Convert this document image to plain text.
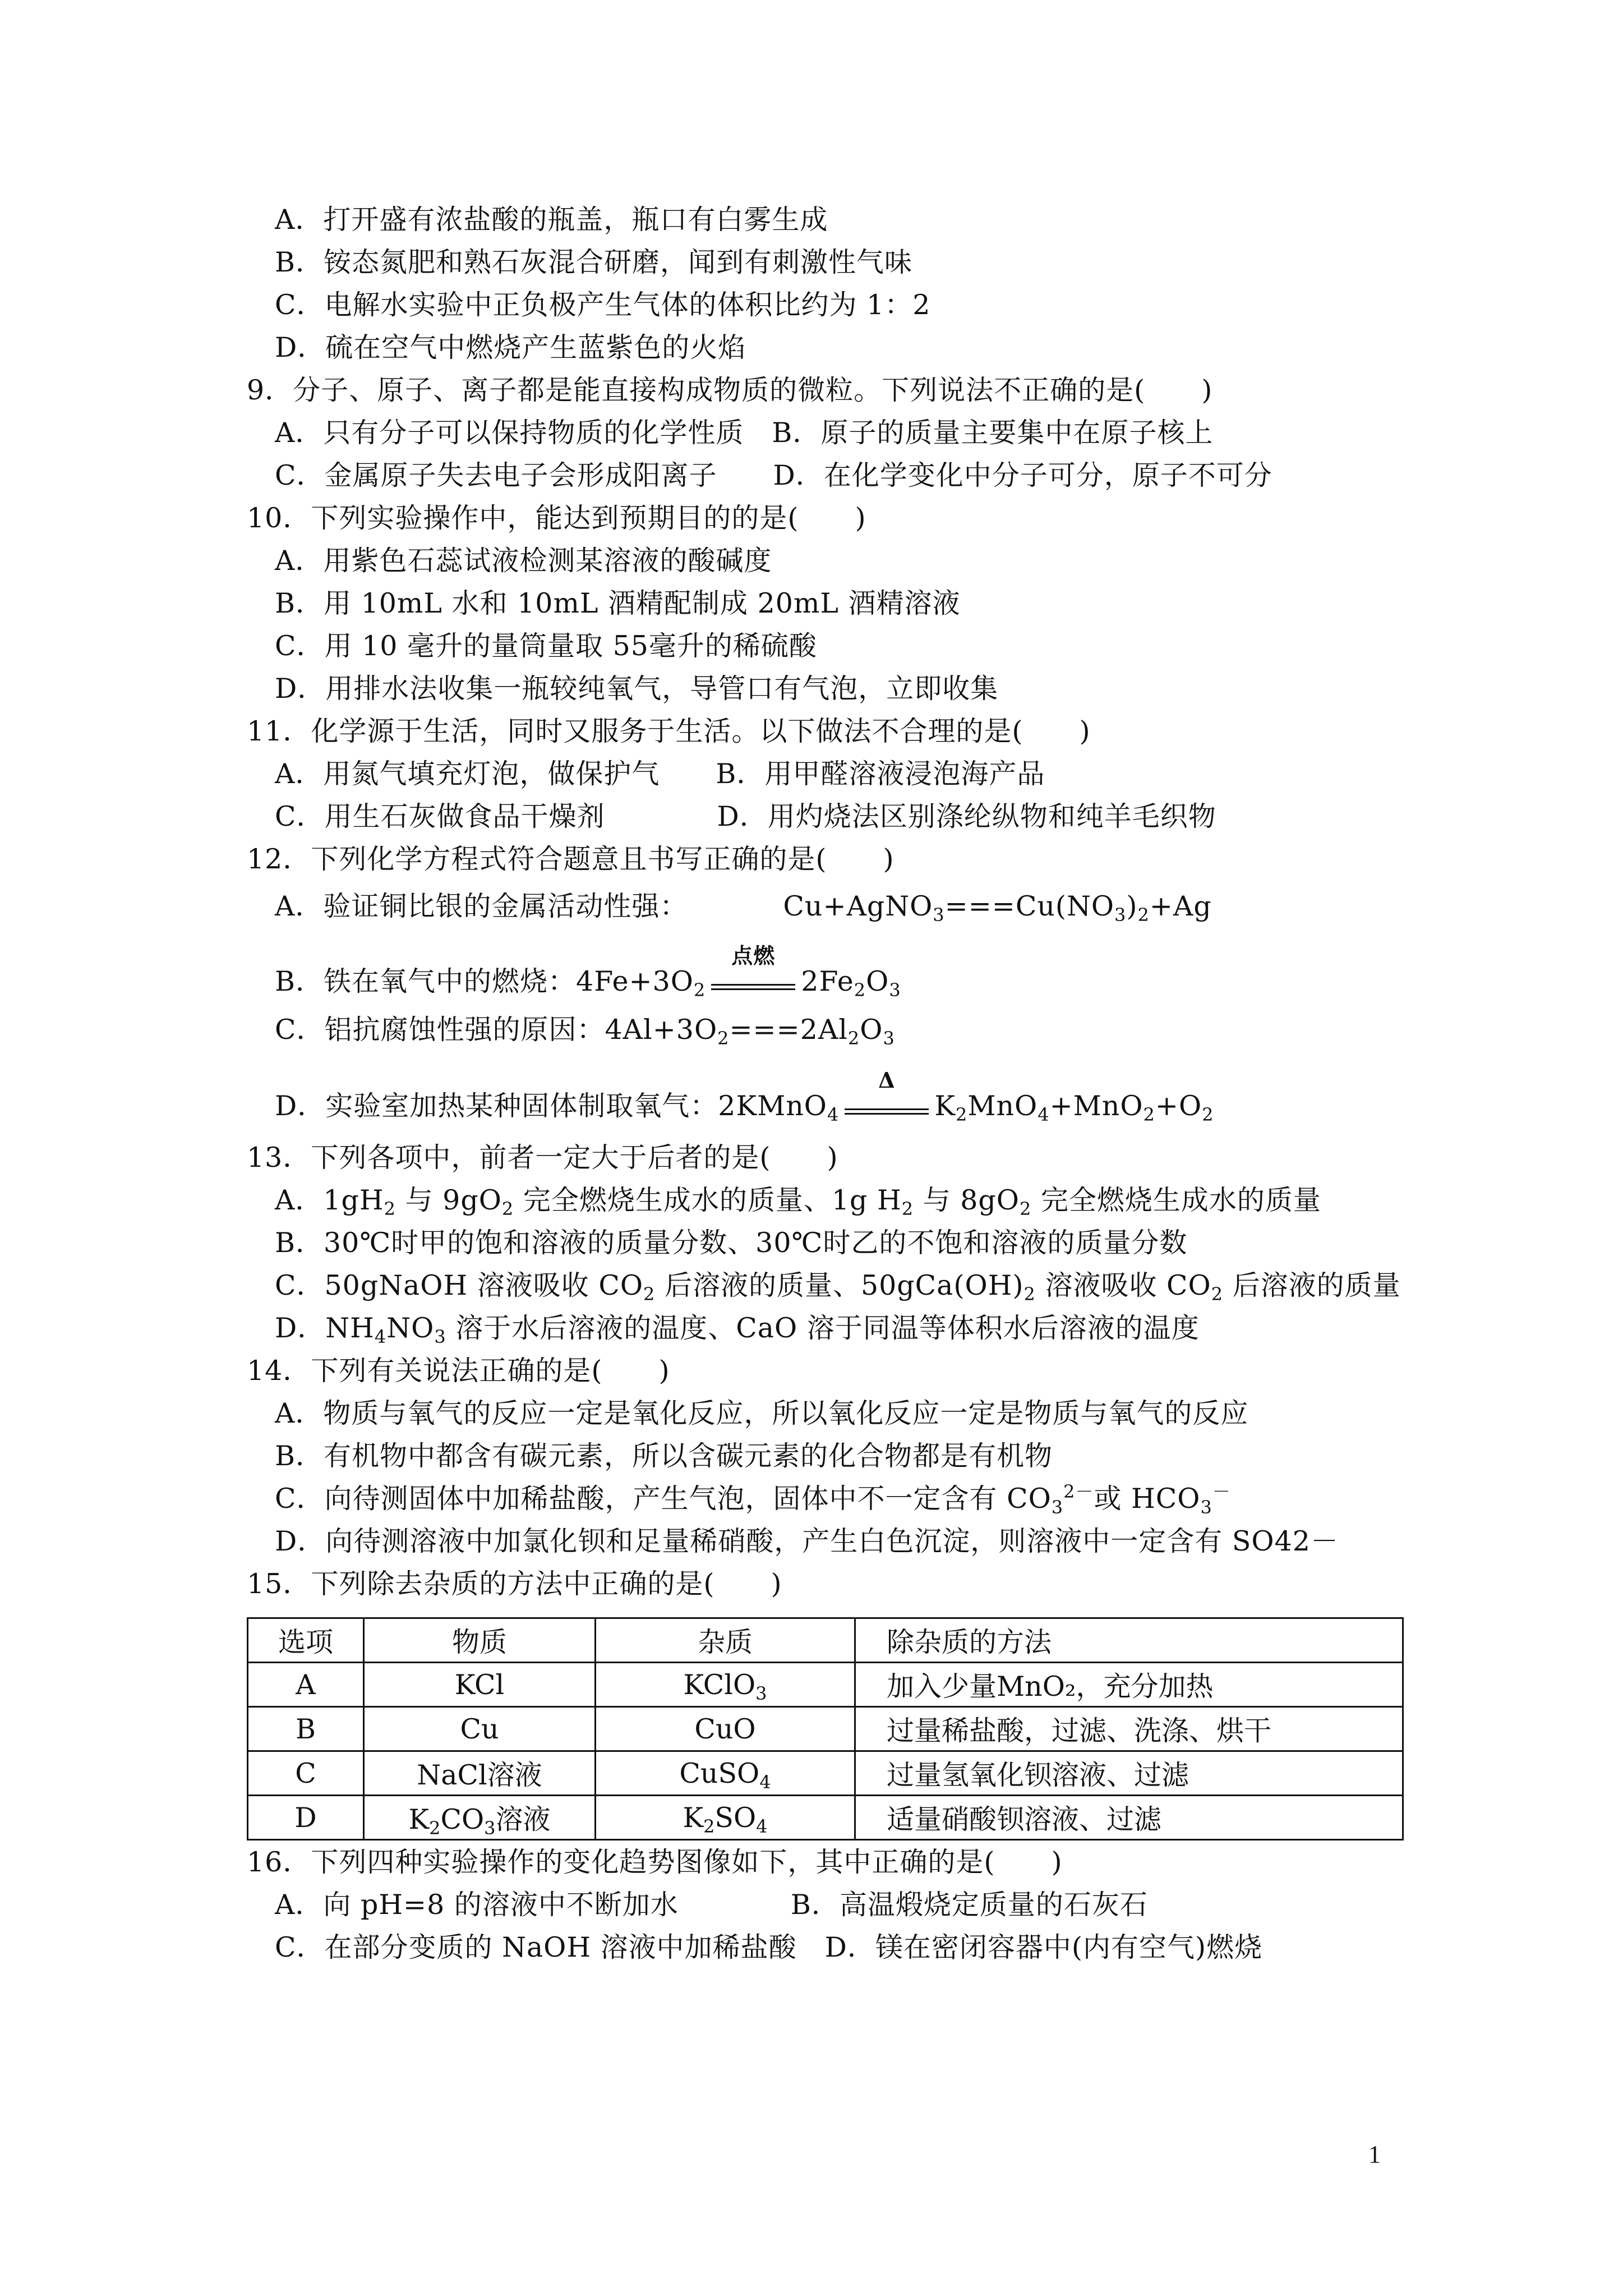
A．打开盛有浓盐酸的瓶盖，瓶口有白雾生成
B．铵态氮肥和熟石灰混合研磨，闻到有刺激性气味
C．电解水实验中正负极产生气体的体积比约为 1：2
D．硫在空气中燃烧产生蓝紫色的火焰
9．分子、原子、离子都是能直接构成物质的微粒。下列说法不正确的是(　　)
A．只有分子可以保持物质的化学性质　B．原子的质量主要集中在原子核上
C．金属原子失去电子会形成阳离子　　D．在化学变化中分子可分，原子不可分
10．下列实验操作中，能达到预期目的的是(　　)
A．用紫色石蕊试液检测某溶液的酸碱度
B．用 10mL 水和 10mL 酒精配制成 20mL 酒精溶液
C．用 10 毫升的量筒量取 55毫升的稀硫酸
D．用排水法收集一瓶较纯氧气，导管口有气泡，立即收集
11．化学源于生活，同时又服务于生活。以下做法不合理的是(　　)
A．用氮气填充灯泡，做保护气　　B．用甲醛溶液浸泡海产品
C．用生石灰做食品干燥剂　　　　D．用灼烧法区别涤纶纵物和纯羊毛织物
12．下列化学方程式符合题意且书写正确的是(　　)
A．验证铜比银的金属活动性强：	$Cu+AgNO_3===Cu(NO_3)_2+Ag$
B．铁在氧气中的燃烧：$4Fe+3O_2$
点燃
$2Fe_2O_3$
C．铝抗腐蚀性强的原因：$4Al+3O_2===2Al_2O_3$
D．实验室加热某种固体制取氧气：2KMnO$_4$
Δ
$K_2MnO_4+MnO_2+O_2$
13．下列各项中，前者一定大于后者的是(　　)
A．$1gH_2$ 与 $9gO_2$ 完全燃烧生成水的质量、1g $H_2$ 与 $8gO_2$ 完全燃烧生成水的质量
B．30℃时甲的饱和溶液的质量分数、30℃时乙的不饱和溶液的质量分数
C．50gNaOH 溶液吸收 $CO_2$ 后溶液的质量、$50gCa(OH)_2$ 溶液吸收 $CO_2$ 后溶液的质量
D．$NH_4NO_3$ 溶于水后溶液的温度、CaO 溶于同温等体积水后溶液的温度
14．下列有关说法正确的是(　　)
A．物质与氧气的反应一定是氧化反应，所以氧化反应一定是物质与氧气的反应
B．有机物中都含有碳元素，所以含碳元素的化合物都是有机物
C．向待测固体中加稀盐酸，产生气泡，固体中不一定含有 $CO_3^{2-}$或 $HCO_3^-$
D．向待测溶液中加氯化钡和足量稀硝酸，产生白色沉淀，则溶液中一定含有 SO42－
15．下列除去杂质的方法中正确的是(　　)
选项	物质	杂质	除杂质的方法
A	KCl	KClO$_3$	加入少量MnO₂，充分加热
B	Cu	CuO	过量稀盐酸，过滤、洗涤、烘干
C	NaCl溶液	CuSO$_4$	过量氢氧化钡溶液、过滤
D	$K_2CO_3$溶液	$K_2SO_4$	适量硝酸钡溶液、过滤
16．下列四种实验操作的变化趋势图像如下，其中正确的是(　　)
A．向 pH=8 的溶液中不断加水　　　　B．高温煅烧定质量的石灰石
C．在部分变质的 NaOH 溶液中加稀盐酸　D．镁在密闭容器中(内有空气)燃烧
1
